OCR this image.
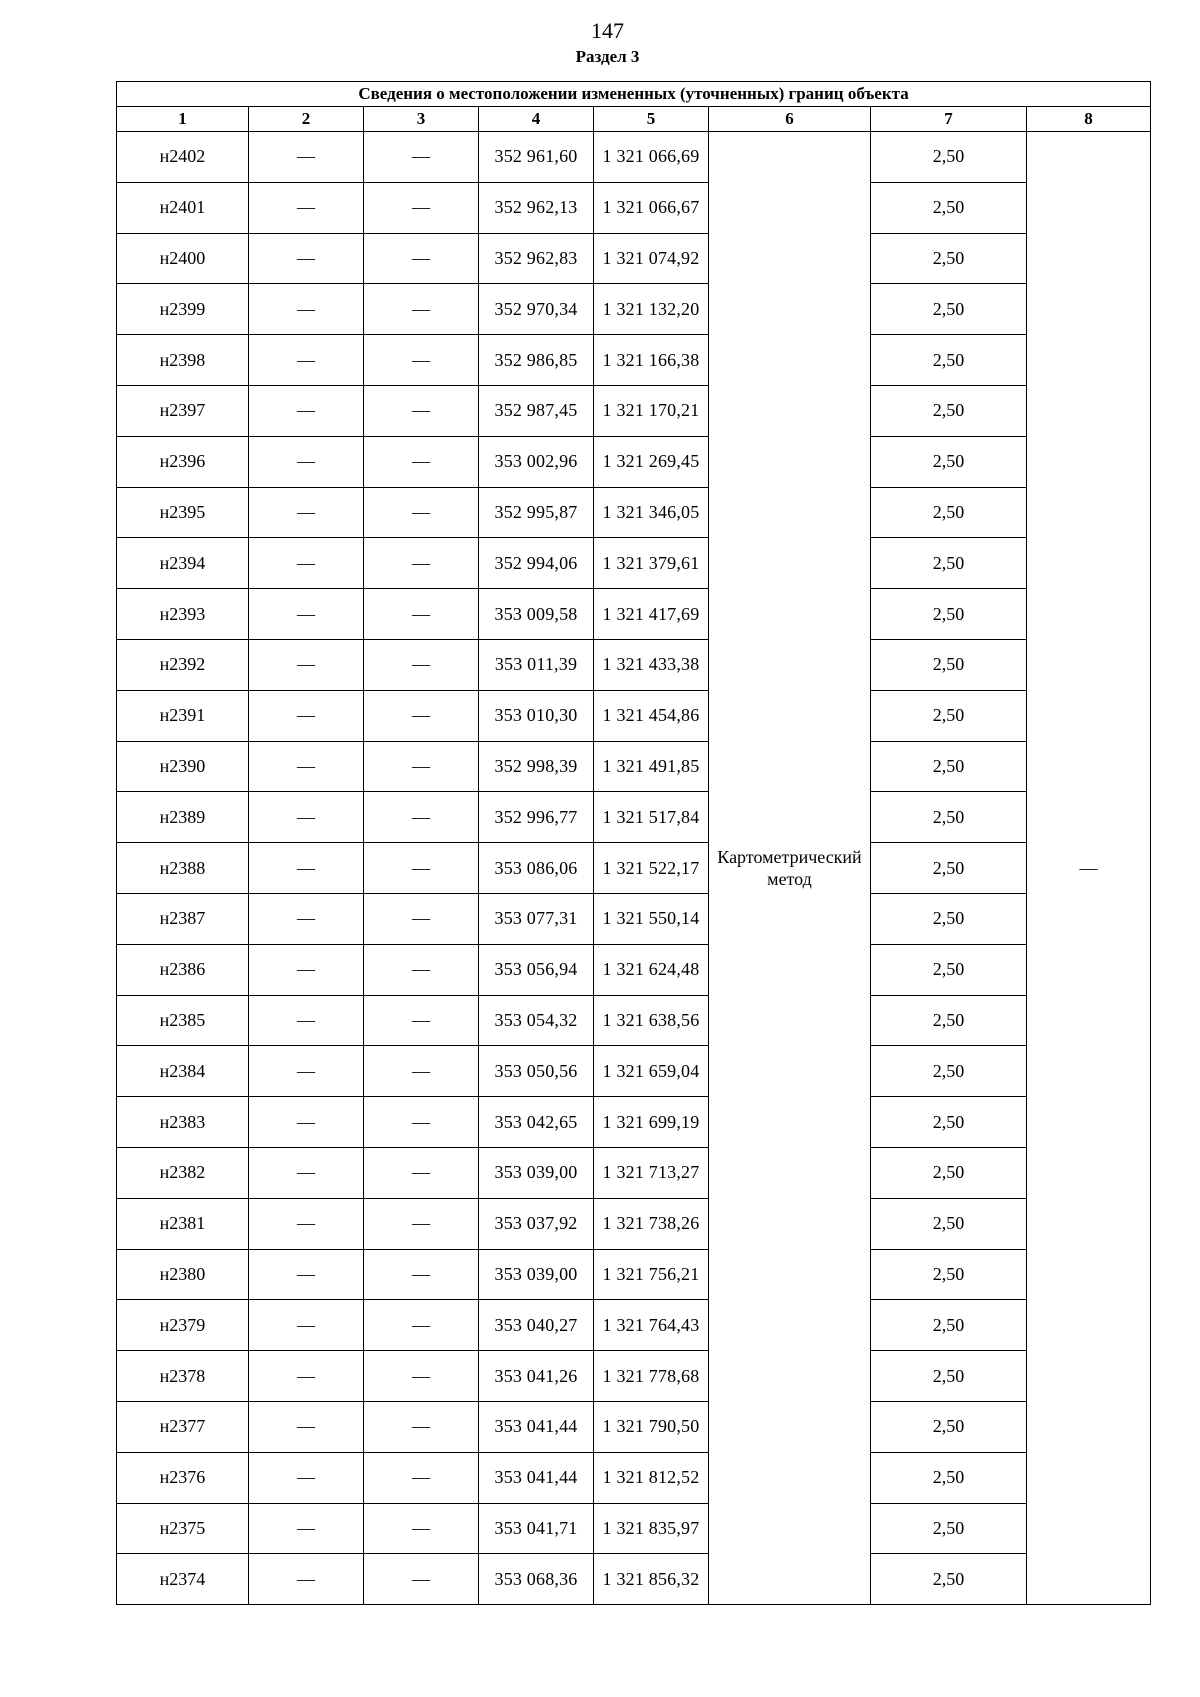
147
Раздел 3
Сведения о местоположении измененных (уточненных) границ объекта							
1	2	3	4	5	6	7	8
н2402	—	—	352 961,60	1 321 066,69	Картометрический метод	2,50	—
н2401	—	—	352 962,13	1 321 066,67		2,50	
н2400	—	—	352 962,83	1 321 074,92		2,50	
н2399	—	—	352 970,34	1 321 132,20		2,50	
н2398	—	—	352 986,85	1 321 166,38		2,50	
н2397	—	—	352 987,45	1 321 170,21		2,50	
н2396	—	—	353 002,96	1 321 269,45		2,50	
н2395	—	—	352 995,87	1 321 346,05		2,50	
н2394	—	—	352 994,06	1 321 379,61		2,50	
н2393	—	—	353 009,58	1 321 417,69		2,50	
н2392	—	—	353 011,39	1 321 433,38		2,50	
н2391	—	—	353 010,30	1 321 454,86		2,50	
н2390	—	—	352 998,39	1 321 491,85		2,50	
н2389	—	—	352 996,77	1 321 517,84		2,50	
н2388	—	—	353 086,06	1 321 522,17		2,50	
н2387	—	—	353 077,31	1 321 550,14		2,50	
н2386	—	—	353 056,94	1 321 624,48		2,50	
н2385	—	—	353 054,32	1 321 638,56		2,50	
н2384	—	—	353 050,56	1 321 659,04		2,50	
н2383	—	—	353 042,65	1 321 699,19		2,50	
н2382	—	—	353 039,00	1 321 713,27		2,50	
н2381	—	—	353 037,92	1 321 738,26		2,50	
н2380	—	—	353 039,00	1 321 756,21		2,50	
н2379	—	—	353 040,27	1 321 764,43		2,50	
н2378	—	—	353 041,26	1 321 778,68		2,50	
н2377	—	—	353 041,44	1 321 790,50		2,50	
н2376	—	—	353 041,44	1 321 812,52		2,50	
н2375	—	—	353 041,71	1 321 835,97		2,50	
н2374	—	—	353 068,36	1 321 856,32		2,50	
